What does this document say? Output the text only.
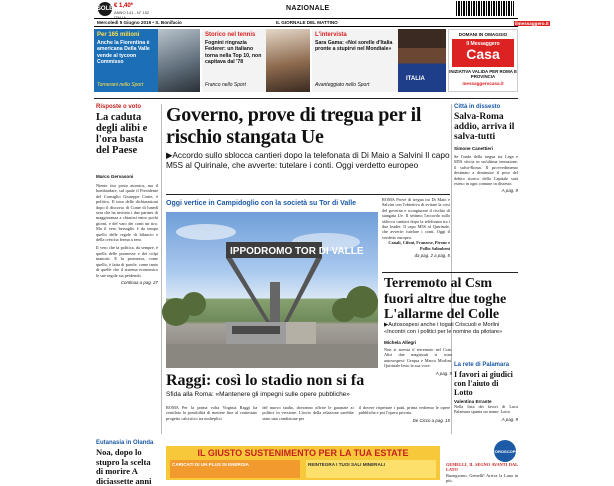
SOLE € 1,40*
ANNO 141 - N° 152 ITALIA
NAZIONALE
Mercoledì 5 Giugno 2019 • S. Bonifacio	IL GIORNALE DEL MATTINO	ilmessaggero.it
Per 165 milioni
Anche la Fiorentina è americana Della Valle vende al tycoon Commisso
Tornerani nello Sport
Storico nel tennis
Fognini ringrazia Federer: un italiano torna nella Top 10, non capitava dal '78
Franco nello Sport
L'intervista
Sara Gama: «Noi sorelle d'Italia pronte a stupirvi nel Mondiale»
Avanteggiato nello Sport
ITALIA
DOMANI IN OMAGGIO
Il Messaggero
Casa
INIZIATIVA VALIDA PER ROMA E PROVINCIA
messaggerocasa.it
Risposte o voto
La caduta degli alibi e l'ora basta del Paese
Marco Gervasoni
Niente tira posta atomica, ma il bombardare, sul quale il Presidente del Consiglio Giuseppe Conte, è politico. Il tono delle dichiarazioni dopo il discorso di Conte di lunedì sera che ha invitato i due partner di maggioranza a chiarirsi entro pochi giorni, e del varo dei conti un tiro. Ma il vero bersaglio è da tempo quello delle regole di bilancio e della crescita ferma a zero.
Il vero che la politica, da sempre, è quella delle promesse e dei colpi mancati. E la promessa, come quello, è fatta di parole, come tanto di quelle che il sistema economico le sue regole sta perdendo.
Continua a pag. 27
Governo, prove di tregua per il rischio stangata Ue
▶Accordo sullo sblocca cantieri dopo la telefonata di Di Maio a Salvini Il capo M5S al Quirinale, che avverte: tutelare i conti. Oggi verdetto europeo
Oggi vertice in Campidoglio con la società su Tor di Valle
IPPODROMO TOR DI VALLE
ROMA Prove di tregua tra Di Maio e Salvini con l'obiettivo di evitare la crisi del governo e scongiurare il rischio di stangata Ue. Il settimo l'accordo sullo sblocca cantieri dopo la telefonata tra i due leader. Il capo M5S al Quirinale, che avverte: tutelare i conti. Oggi il verdetto europeo.
Canali, Cifoni, Franzese, Pirone e Pollio Salimbeni
da pag. 2 a pag. 5
Raggi: così lo stadio non si fa
Sfida alla Roma: «Mantenere gli impegni sulle opere pubbliche»
ROMA Per la prima volta Virginia Raggi ha ventilato la possibilità di mettere fine al contestato progetto calcistico tra molteplici
del nuovo stadio, dovranno offrire le garanzie ai politici in versione. L'invio della relazione sarebbe stato una condizione per
il dovere rispettare i patti, prima vedremo le opere pubbliche e poi l'opera privata.
De Cicco a pag. 15
Città in dissesto
Salva-Roma addio, arriva il salva-tutti
Simone Canettieri
Se l'onda della tregua tra Lega e M5S sfocia in un'ultima tentazione, il salva-Roma. Il provvedimento destinato a diminuire il peso del debito storico della Capitale sarà esteso in ogni comune in dissesto.
A pag. 9
Terremoto al Csm fuori altre due toghe L'allarme del Colle
▶Autosospesi anche i togati Criscuoli e Morlini «Incontri con i politici per le nomine da pilotare»
Michela Allegri
Non si arresta il terremoto nel Csm. Altri due magistrati si sono autosospesi: Cerqua e Marco Morlini. Quirinale lesto la sua voce.
A pag. 9
La rete di Palamara
I favori ai giudici con l'aiuto di Lotto
Valentina Errante
Nella lista dei favori di Luca Palamara spunta un nome: Lotto.
A pag. 9
Eutanasia in Olanda
Noa, dopo lo stupro la scelta di morire A diciassette anni
IL GIUSTO SUSTENIMENTO PER LA TUA ESTATE
CARICATI DI UN PLUS DI ENERGIA	REINTEGRA I TUOI SALI MINERALI
L'OROSCOPO
GEMELLI, IL SEGNO AVANTI DAL LATO
Buongiorno, Gemelli! Arriva la Luna in più.
